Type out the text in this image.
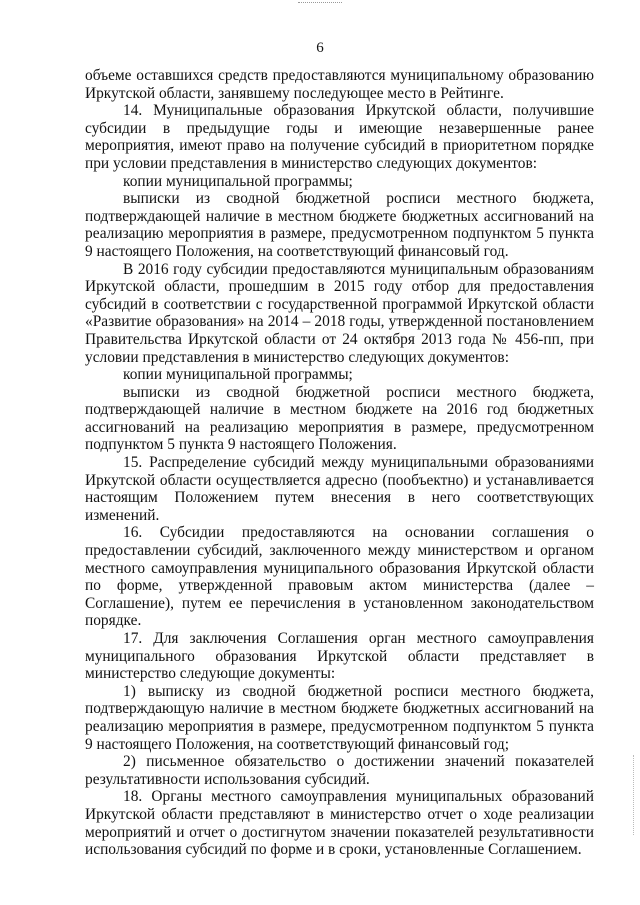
6

объеме оставшихся средств предоставляются муниципальному образованию Иркутской области, занявшему последующее место в Рейтинге.

14. Муниципальные образования Иркутской области, получившие субсидии в предыдущие годы и имеющие незавершенные ранее мероприятия, имеют право на получение субсидий в приоритетном порядке при условии представления в министерство следующих документов:

копии муниципальной программы;

выписки из сводной бюджетной росписи местного бюджета, подтверждающей наличие в местном бюджете бюджетных ассигнований на реализацию мероприятия в размере, предусмотренном подпунктом 5 пункта 9 настоящего Положения, на соответствующий финансовый год.

В 2016 году субсидии предоставляются муниципальным образованиям Иркутской области, прошедшим в 2015 году отбор для предоставления субсидий в соответствии с государственной программой Иркутской области «Развитие образования» на 2014 – 2018 годы, утвержденной постановлением Правительства Иркутской области от 24 октября 2013 года № 456-пп, при условии представления в министерство следующих документов:

копии муниципальной программы;

выписки из сводной бюджетной росписи местного бюджета, подтверждающей наличие в местном бюджете на 2016 год бюджетных ассигнований на реализацию мероприятия в размере, предусмотренном подпунктом 5 пункта 9 настоящего Положения.

15. Распределение субсидий между муниципальными образованиями Иркутской области осуществляется адресно (пообъектно) и устанавливается настоящим Положением путем внесения в него соответствующих изменений.

16. Субсидии предоставляются на основании соглашения о предоставлении субсидий, заключенного между министерством и органом местного самоуправления муниципального образования Иркутской области по форме, утвержденной правовым актом министерства (далее – Соглашение), путем ее перечисления в установленном законодательством порядке.

17. Для заключения Соглашения орган местного самоуправления муниципального образования Иркутской области представляет в министерство следующие документы:

1) выписку из сводной бюджетной росписи местного бюджета, подтверждающую наличие в местном бюджете бюджетных ассигнований на реализацию мероприятия в размере, предусмотренном подпунктом 5 пункта 9 настоящего Положения, на соответствующий финансовый год;

2) письменное обязательство о достижении значений показателей результативности использования субсидий.

18. Органы местного самоуправления муниципальных образований Иркутской области представляют в министерство отчет о ходе реализации мероприятий и отчет о достигнутом значении показателей результативности использования субсидий по форме и в сроки, установленные Соглашением.
